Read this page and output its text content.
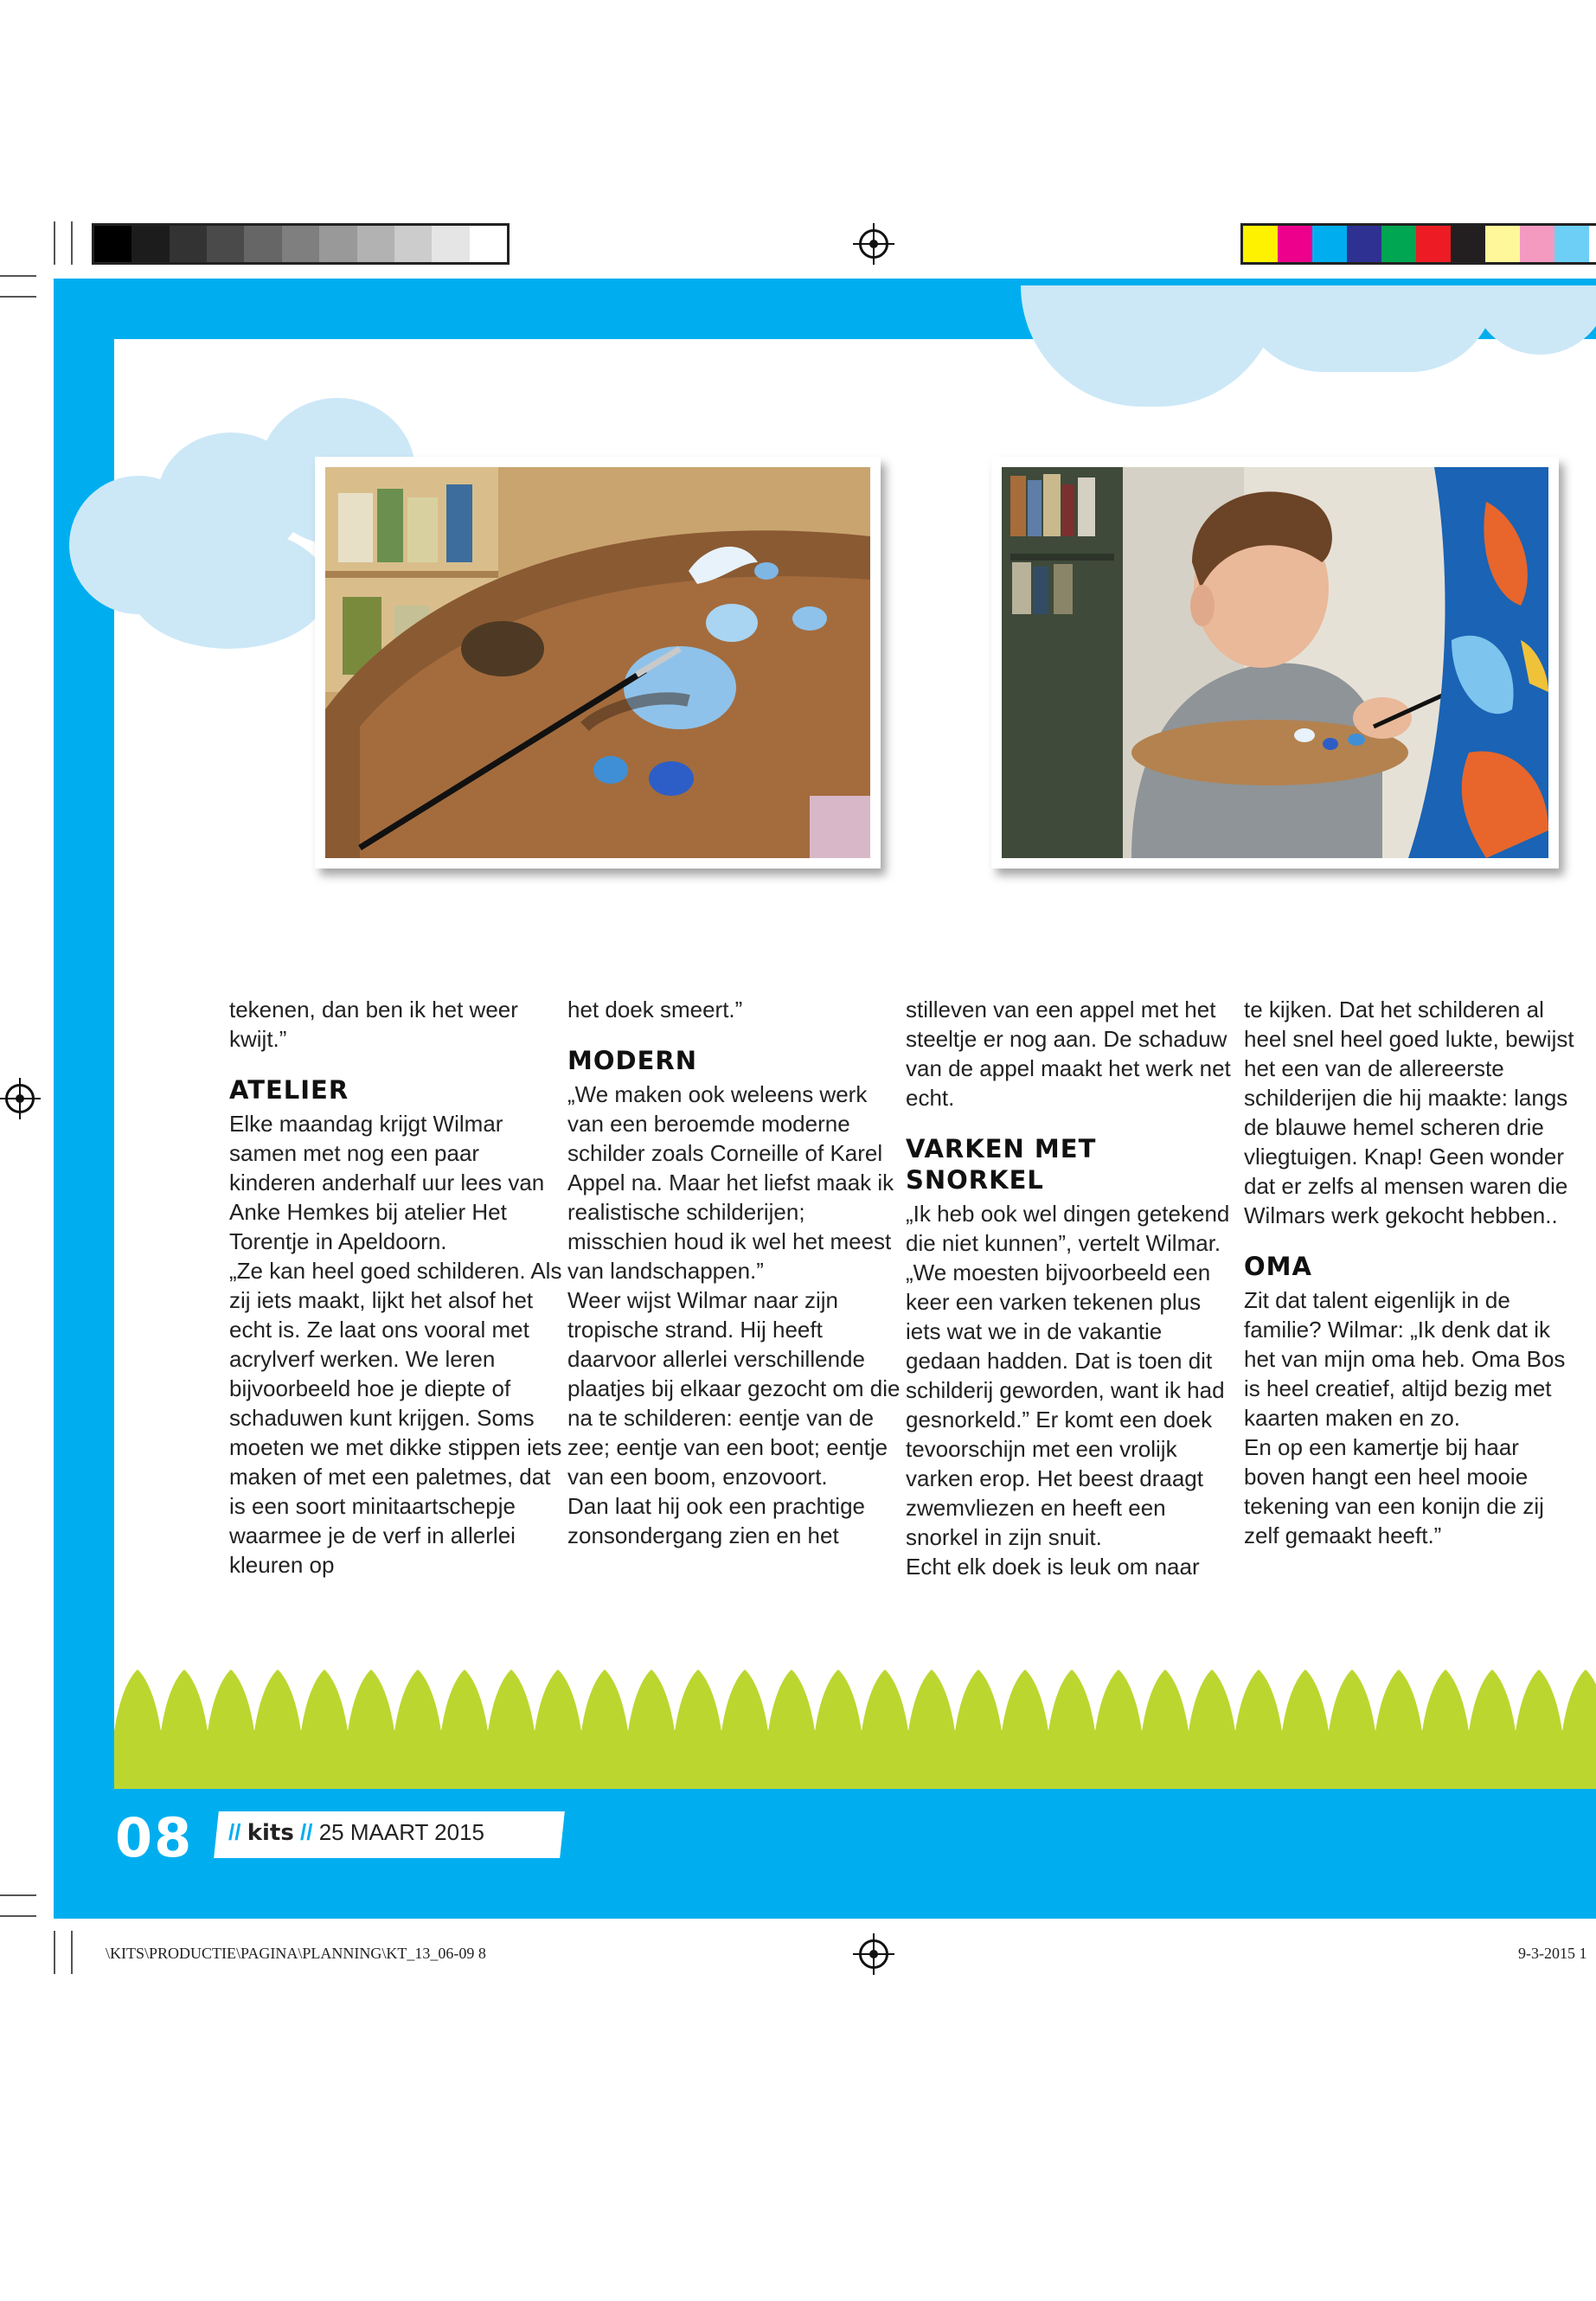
tekenen, dan ben ik het weer kwijt.”

ATELIER

Elke maandag krijgt Wilmar samen met nog een paar kinderen anderhalf uur lees van Anke Hemkes bij atelier Het Torentje in Apeldoorn.

„Ze kan heel goed schilderen. Als zij iets maakt, lijkt het alsof het echt is. Ze laat ons vooral met acrylverf werken. We leren bijvoorbeeld hoe je diepte of schaduwen kunt krijgen. Soms moeten we met dikke stippen iets maken of met een paletmes, dat is een soort minitaartschepje waarmee je de verf in allerlei kleuren op

het doek smeert.”

MODERN

„We maken ook weleens werk van een beroemde moderne schilder zoals Corneille of Karel Appel na. Maar het liefst maak ik realistische schilderijen; misschien houd ik wel het meest van landschappen.”

Weer wijst Wilmar naar zijn tropische strand. Hij heeft daarvoor allerlei verschillende plaatjes bij elkaar gezocht om die na te schilderen: eentje van de zee; eentje van een boot; eentje van een boom, enzovoort.

Dan laat hij ook een prachtige zonsondergang zien en het

stilleven van een appel met het steeltje er nog aan. De schaduw van de appel maakt het werk net echt.

VARKEN MET SNORKEL

„Ik heb ook wel dingen getekend die niet kunnen”, vertelt Wilmar. „We moesten bijvoorbeeld een keer een varken tekenen plus iets wat we in de vakantie gedaan hadden. Dat is toen dit schilderij geworden, want ik had gesnorkeld.” Er komt een doek tevoorschijn met een vrolijk varken erop. Het beest draagt zwemvliezen en heeft een snorkel in zijn snuit.

Echt elk doek is leuk om naar

te kijken. Dat het schilderen al heel snel heel goed lukte, bewijst het een van de allereerste schilderijen die hij maakte: langs de blauwe hemel scheren drie vliegtuigen. Knap! Geen wonder dat er zelfs al mensen waren die Wilmars werk gekocht hebben..

OMA

Zit dat talent eigenlijk in de familie? Wilmar: „Ik denk dat ik het van mijn oma heb. Oma Bos is heel creatief, altijd bezig met kaarten maken en zo.

En op een kamertje bij haar boven hangt een heel mooie tekening van een konijn die zij zelf gemaakt heeft.”

08 // kits // 25 MAART 2015
\KITS\PRODUCTIE\PAGINA\PLANNING\KT_13_06-09 8	9-3-2015 1
